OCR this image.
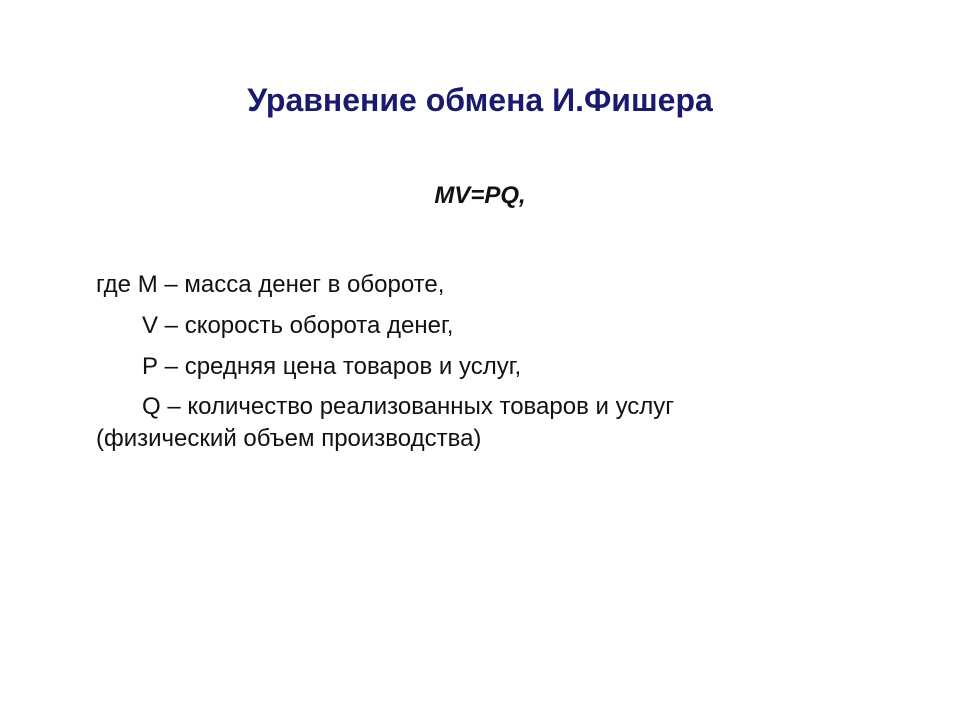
Уравнение обмена И.Фишера
MV=PQ,
где М – масса денег в обороте,
V – скорость оборота денег,
Р – средняя цена товаров и услуг,
Q – количество реализованных товаров и услуг
(физический объем производства)
